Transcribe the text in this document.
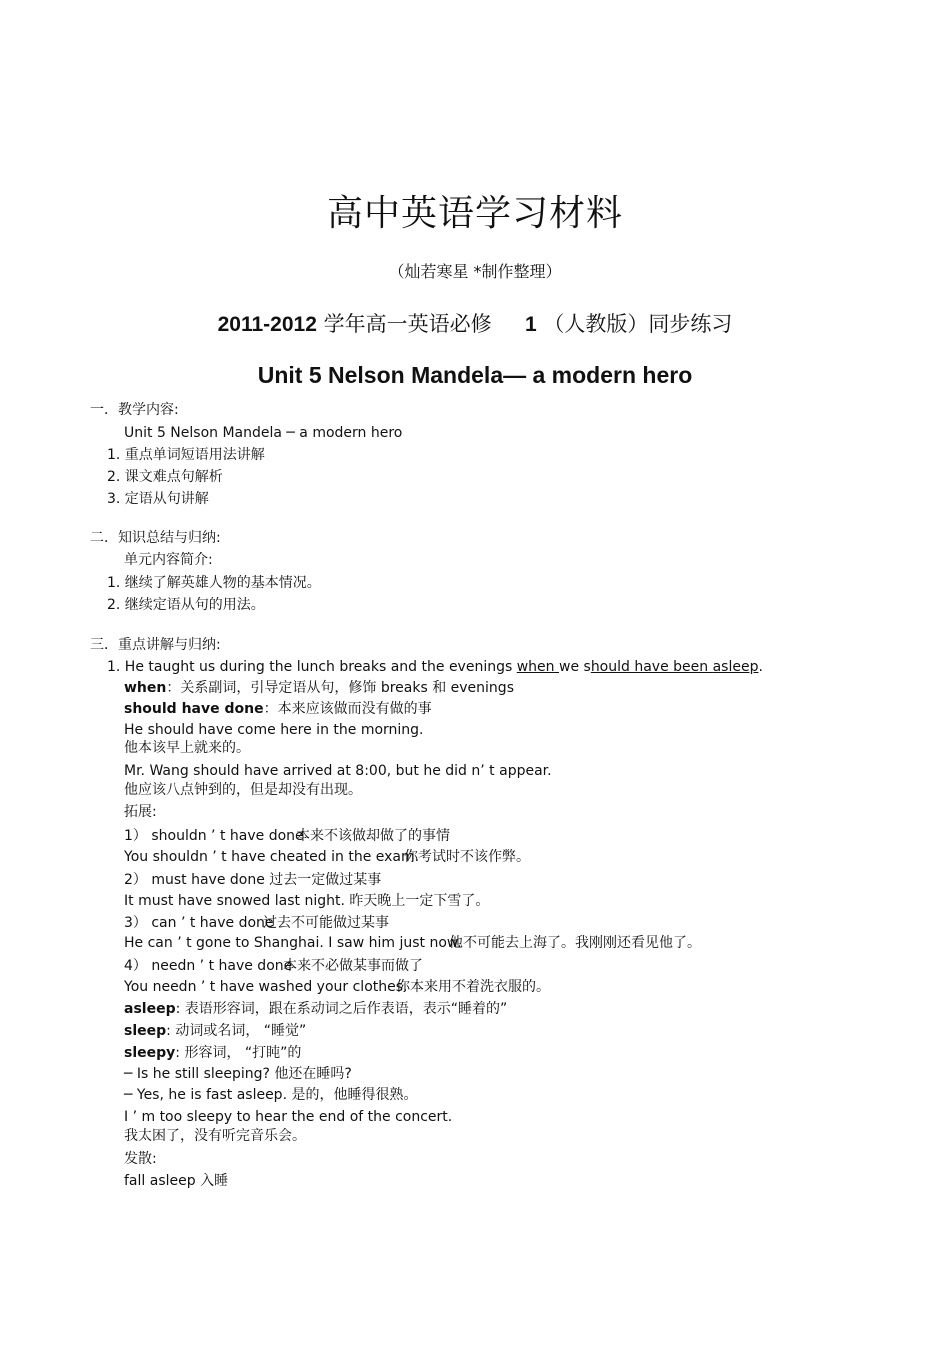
高中英语学习材料
（灿若寒星 *制作整理）
2011-2012 学年高一英语必修 1 （人教版）同步练习
Unit 5 Nelson Mandela— a modern hero
一．教学内容:
Unit 5 Nelson Mandela ─ a modern hero
1. 重点单词短语用法讲解
2. 课文难点句解析
3. 定语从句讲解
二．知识总结与归纳:
单元内容简介:
1. 继续了解英雄人物的基本情况。
2. 继续定语从句的用法。
三．重点讲解与归纳:
1. He taught us during the lunch breaks and the evenings when we should have been asleep.
when：关系副词，引导定语从句，修饰 breaks 和 evenings
should have done：本来应该做而没有做的事
He should have come here in the morning.
他本该早上就来的。
Mr. Wang should have arrived at 8:00, but he did n’ t appear.
他应该八点钟到的，但是却没有出现。
拓展:
1） shouldn ’ t have done
本来不该做却做了的事情
You shouldn ’ t have cheated in the exam.
你考试时不该作弊。
2） must have done 过去一定做过某事
It must have snowed last night. 昨天晚上一定下雪了。
3） can ’ t have done
过去不可能做过某事
He can ’ t gone to Shanghai. I saw him just now.
他不可能去上海了。我刚刚还看见他了。
4） needn ’ t have done
本来不必做某事而做了
You needn ’ t have washed your clothes.
你本来用不着洗衣服的。
asleep: 表语形容词，跟在系动词之后作表语，表示“睡着的”
sleep: 动词或名词， “睡觉”
sleepy: 形容词， “打盹”的
─ Is he still sleeping? 他还在睡吗?
─ Yes, he is fast asleep. 是的，他睡得很熟。
I ’ m too sleepy to hear the end of the concert.
我太困了，没有听完音乐会。
发散:
fall asleep 入睡
